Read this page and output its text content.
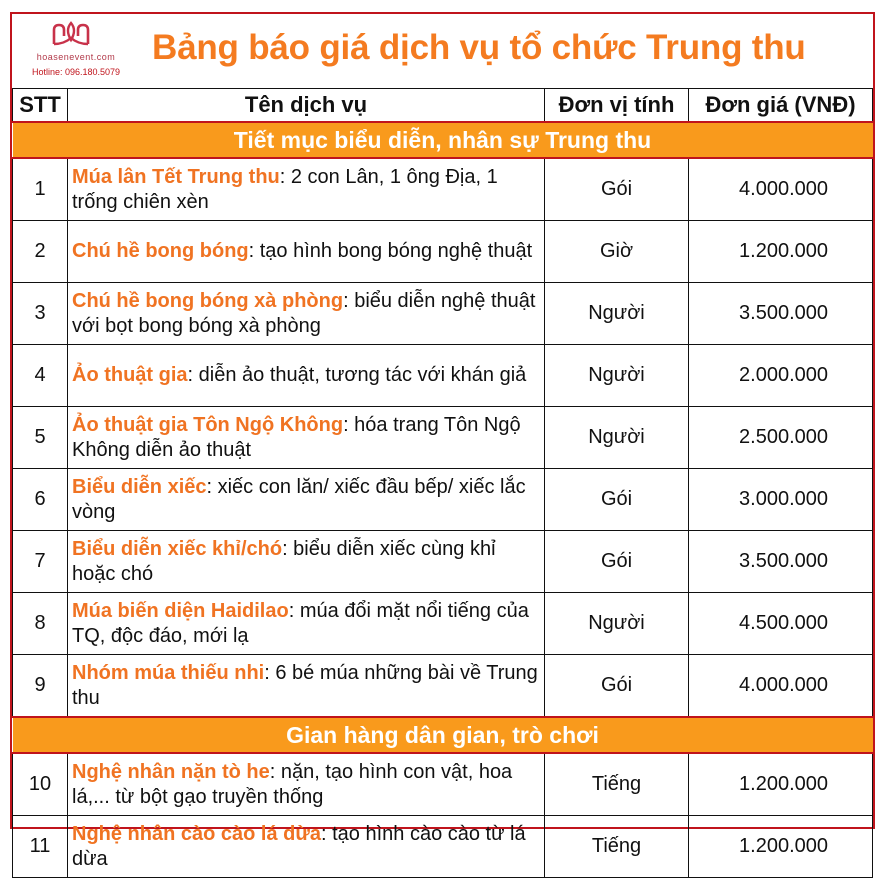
hoasenevent.com
Hotline: 096.180.5079
Bảng báo giá dịch vụ tổ chức Trung thu
STT	Tên dịch vụ	Đơn vị tính	Đơn giá (VNĐ)
Tiết mục biểu diễn, nhân sự Trung thu			
1	Múa lân Tết Trung thu: 2 con Lân, 1 ông Địa, 1 trống chiên xèn	Gói	4.000.000
2	Chú hề bong bóng: tạo hình bong bóng nghệ thuật	Giờ	1.200.000
3	Chú hề bong bóng xà phòng: biểu diễn nghệ thuật với bọt bong bóng xà phòng	Người	3.500.000
4	Ảo thuật gia: diễn ảo thuật, tương tác với khán giả	Người	2.000.000
5	Ảo thuật gia Tôn Ngộ Không: hóa trang Tôn Ngộ Không diễn ảo thuật	Người	2.500.000
6	Biểu diễn xiếc: xiếc con lăn/ xiếc đầu bếp/ xiếc lắc vòng	Gói	3.000.000
7	Biểu diễn xiếc khỉ/chó: biểu diễn xiếc cùng khỉ hoặc chó	Gói	3.500.000
8	Múa biến diện Haidilao: múa đổi mặt nổi tiếng của TQ, độc đáo, mới lạ	Người	4.500.000
9	Nhóm múa thiếu nhi: 6 bé múa những bài về Trung thu	Gói	4.000.000
Gian hàng dân gian, trò chơi			
10	Nghệ nhân nặn tò he: nặn, tạo hình con vật, hoa lá,... từ bột gạo truyền thống	Tiếng	1.200.000
11	Nghệ nhân cào cào lá dừa: tạo hình cào cào từ lá dừa	Tiếng	1.200.000
